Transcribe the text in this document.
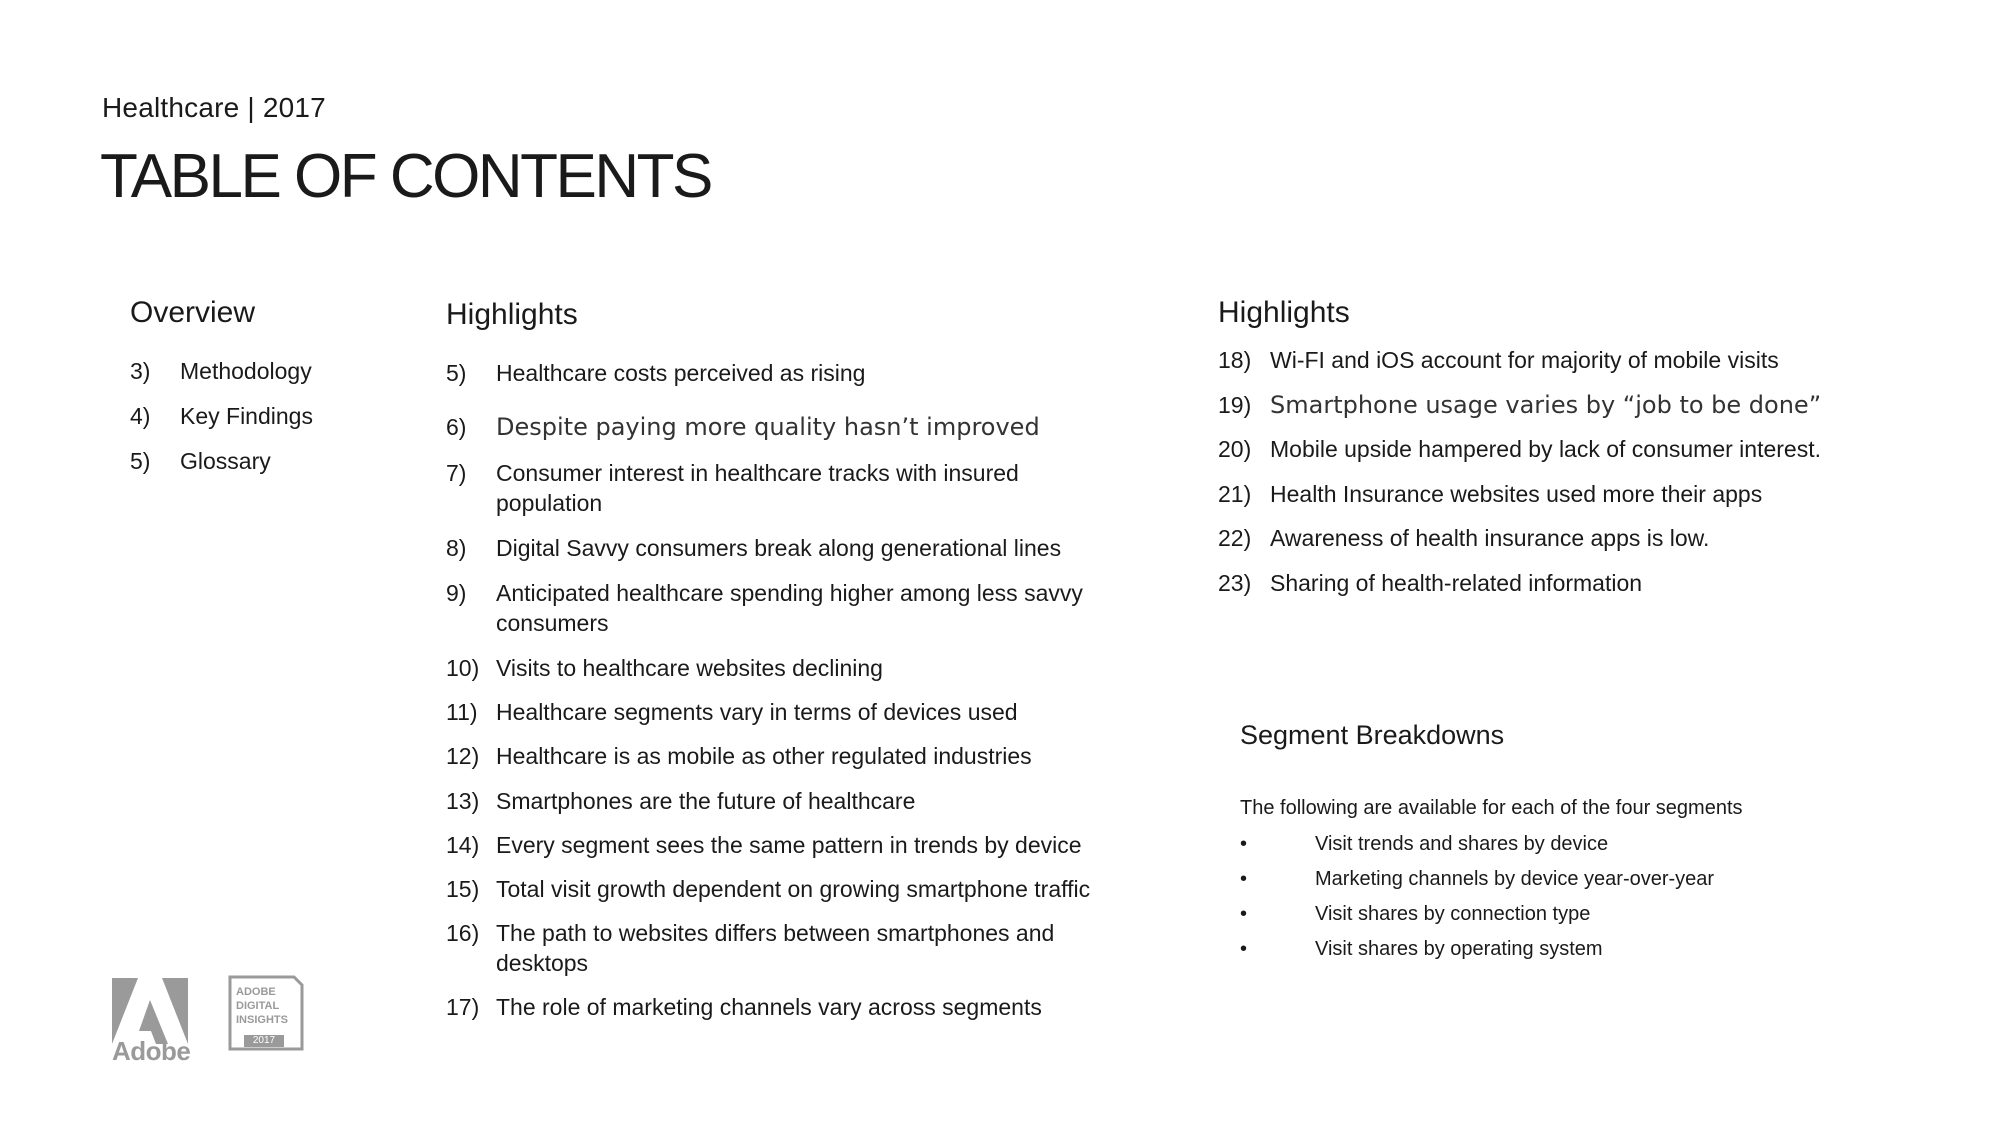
Healthcare | 2017
TABLE OF CONTENTS
Overview
3) Methodology
4) Key Findings
5) Glossary
Highlights
5) Healthcare costs perceived as rising
6) Despite paying more quality hasn’t improved
7) Consumer interest in healthcare tracks with insured
population
8) Digital Savvy consumers break along generational lines
9) Anticipated healthcare spending higher among less savvy
consumers
10) Visits to healthcare websites declining
11) Healthcare segments vary in terms of devices used
12) Healthcare is as mobile as other regulated industries
13) Smartphones are the future of healthcare
14) Every segment sees the same pattern in trends by device
15) Total visit growth dependent on growing smartphone traffic
16) The path to websites differs between smartphones and
desktops
17) The role of marketing channels vary across segments
Highlights
18) Wi-FI and iOS account for majority of mobile visits
19) Smartphone usage varies by “job to be done”
20) Mobile upside hampered by lack of consumer interest.
21) Health Insurance websites used more their apps
22) Awareness of health insurance apps is low.
23) Sharing of health-related information
Segment Breakdowns
The following are available for each of the four segments
•	Visit trends and shares by device
•	Marketing channels by device year-over-year
•	Visit shares by connection type
•	Visit shares by operating system
Adobe
ADOBE
DIGITAL
INSIGHTS
2017
